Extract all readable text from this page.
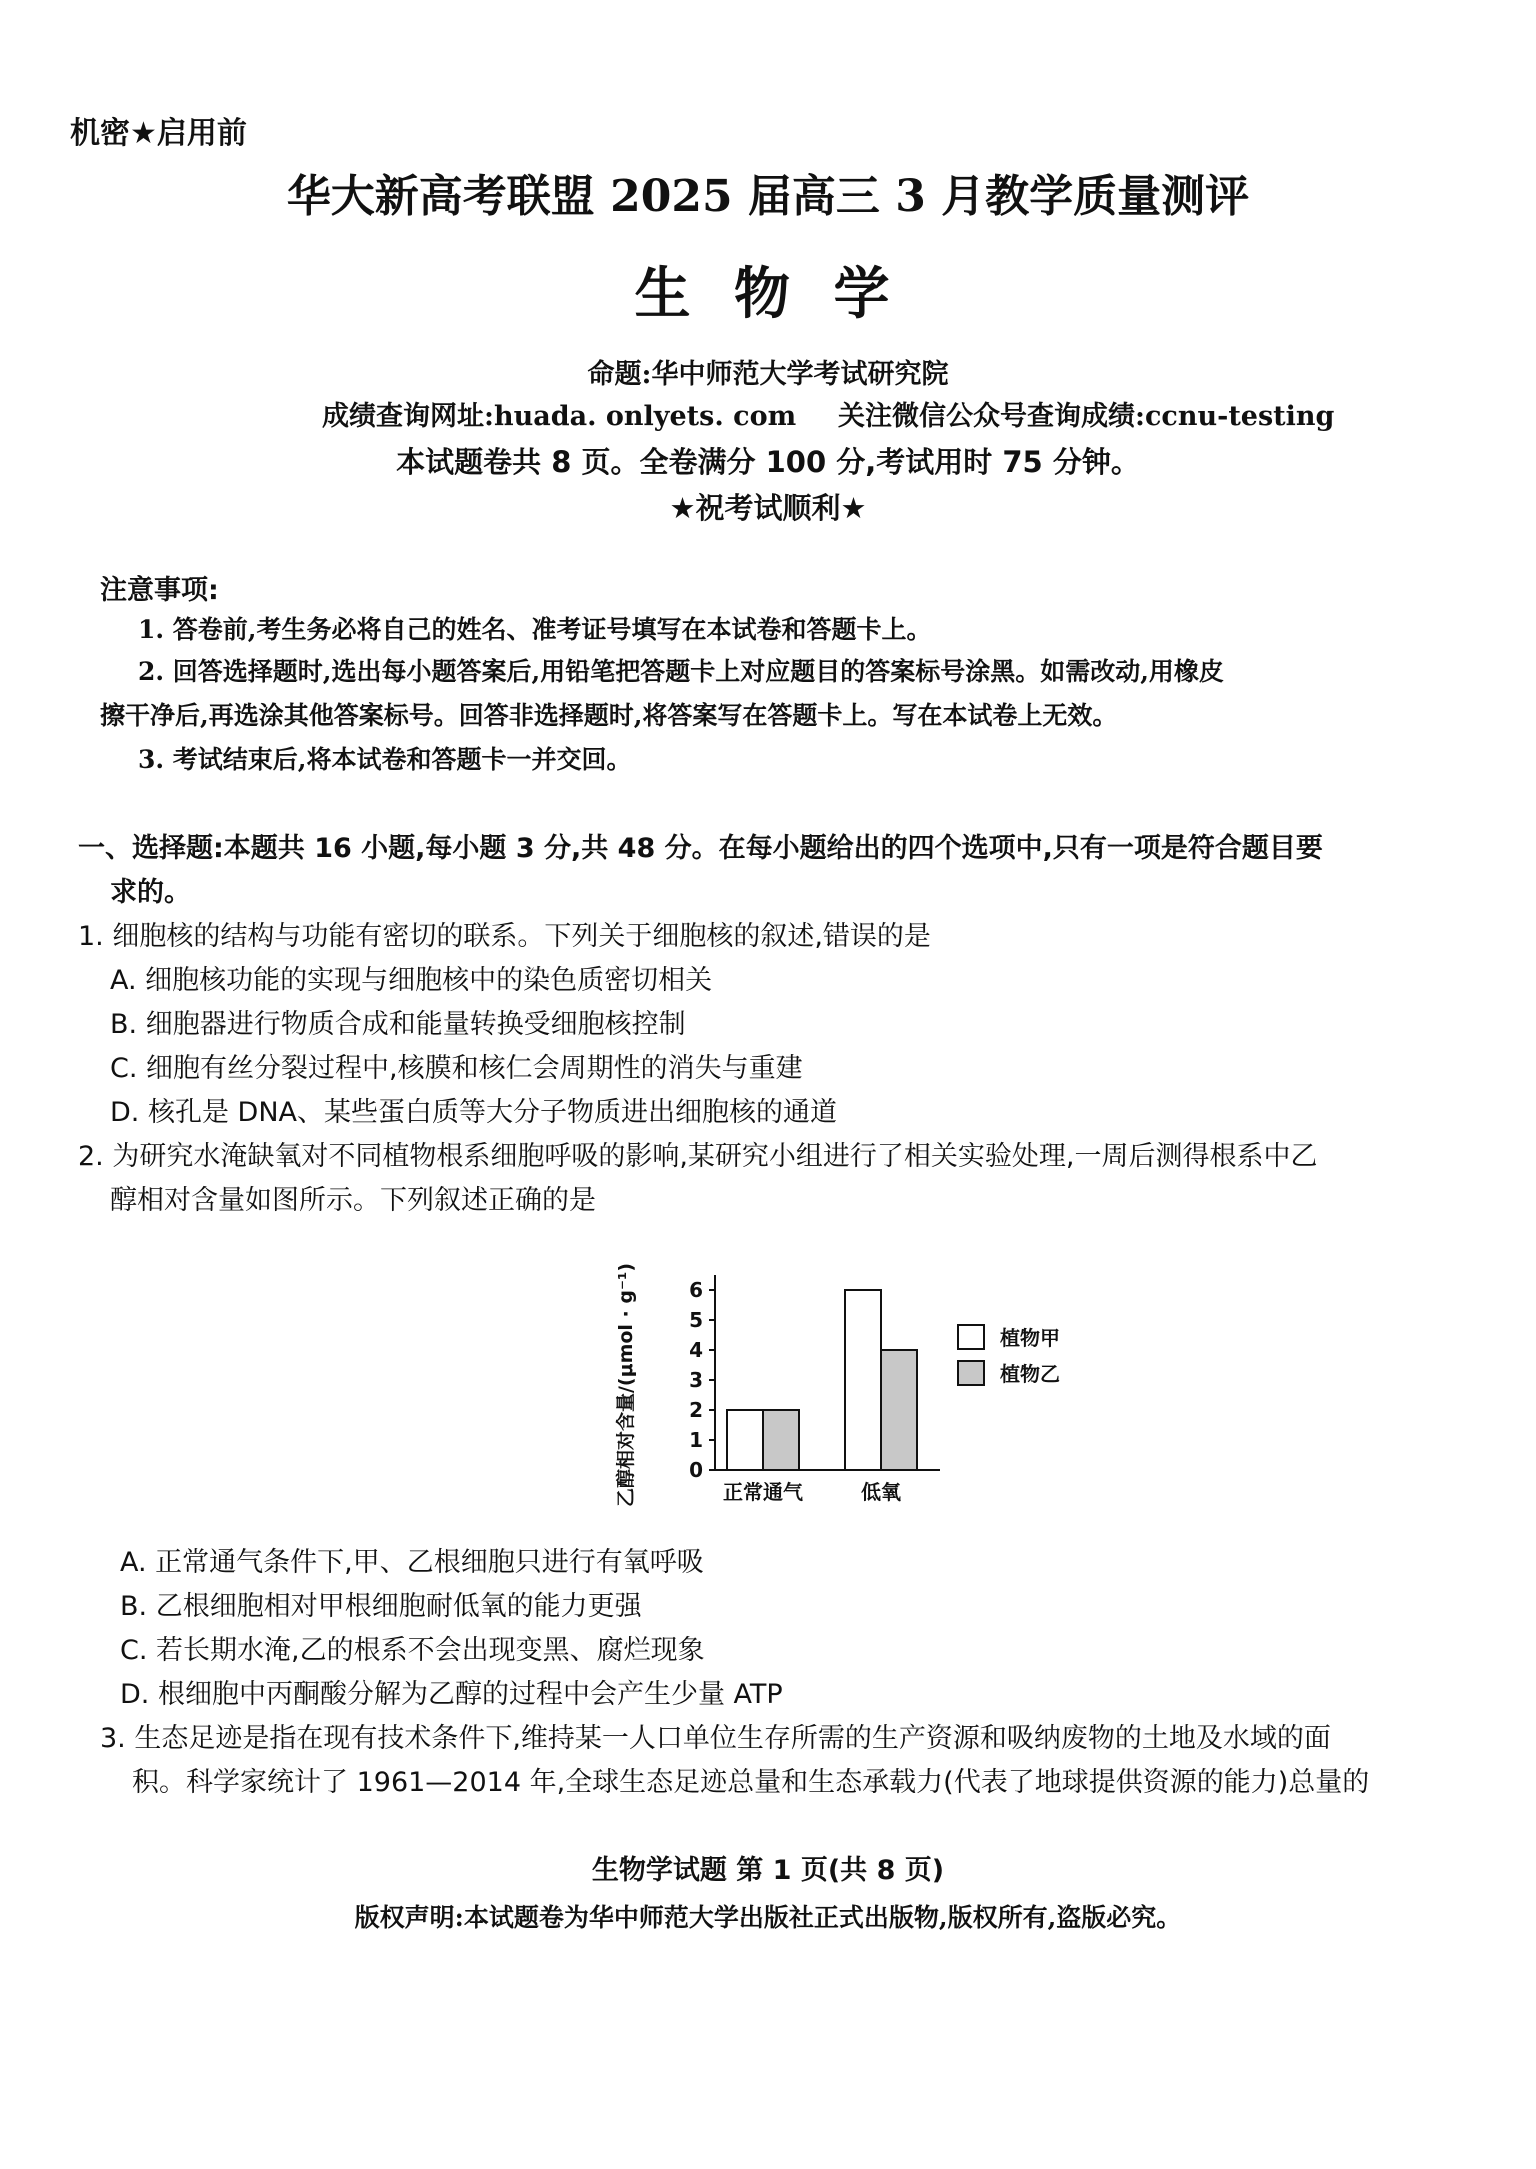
机密★启用前
华大新高考联盟 2025 届高三 3 月教学质量测评
生 物 学
命题:华中师范大学考试研究院
成绩查询网址:huada. onlyets. com 关注微信公众号查询成绩:ccnu-testing
本试题卷共 8 页。全卷满分 100 分,考试用时 75 分钟。
★祝考试顺利★
注意事项:
1. 答卷前,考生务必将自己的姓名、准考证号填写在本试卷和答题卡上。
2. 回答选择题时,选出每小题答案后,用铅笔把答题卡上对应题目的答案标号涂黑。如需改动,用橡皮
擦干净后,再选涂其他答案标号。回答非选择题时,将答案写在答题卡上。写在本试卷上无效。
3. 考试结束后,将本试卷和答题卡一并交回。
一、选择题:本题共 16 小题,每小题 3 分,共 48 分。在每小题给出的四个选项中,只有一项是符合题目要
求的。
1. 细胞核的结构与功能有密切的联系。下列关于细胞核的叙述,错误的是
A. 细胞核功能的实现与细胞核中的染色质密切相关
B. 细胞器进行物质合成和能量转换受细胞核控制
C. 细胞有丝分裂过程中,核膜和核仁会周期性的消失与重建
D. 核孔是 DNA、某些蛋白质等大分子物质进出细胞核的通道
2. 为研究水淹缺氧对不同植物根系细胞呼吸的影响,某研究小组进行了相关实验处理,一周后测得根系中乙
醇相对含量如图所示。下列叙述正确的是
乙醇相对含量/(μmol · g⁻¹)	0
1
2
3
4
5
6
正常通气	低氧
植物甲
植物乙
A. 正常通气条件下,甲、乙根细胞只进行有氧呼吸
B. 乙根细胞相对甲根细胞耐低氧的能力更强
C. 若长期水淹,乙的根系不会出现变黑、腐烂现象
D. 根细胞中丙酮酸分解为乙醇的过程中会产生少量 ATP
3. 生态足迹是指在现有技术条件下,维持某一人口单位生存所需的生产资源和吸纳废物的土地及水域的面
积。科学家统计了 1961—2014 年,全球生态足迹总量和生态承载力(代表了地球提供资源的能力)总量的
生物学试题 第 1 页(共 8 页)
版权声明:本试题卷为华中师范大学出版社正式出版物,版权所有,盗版必究。
